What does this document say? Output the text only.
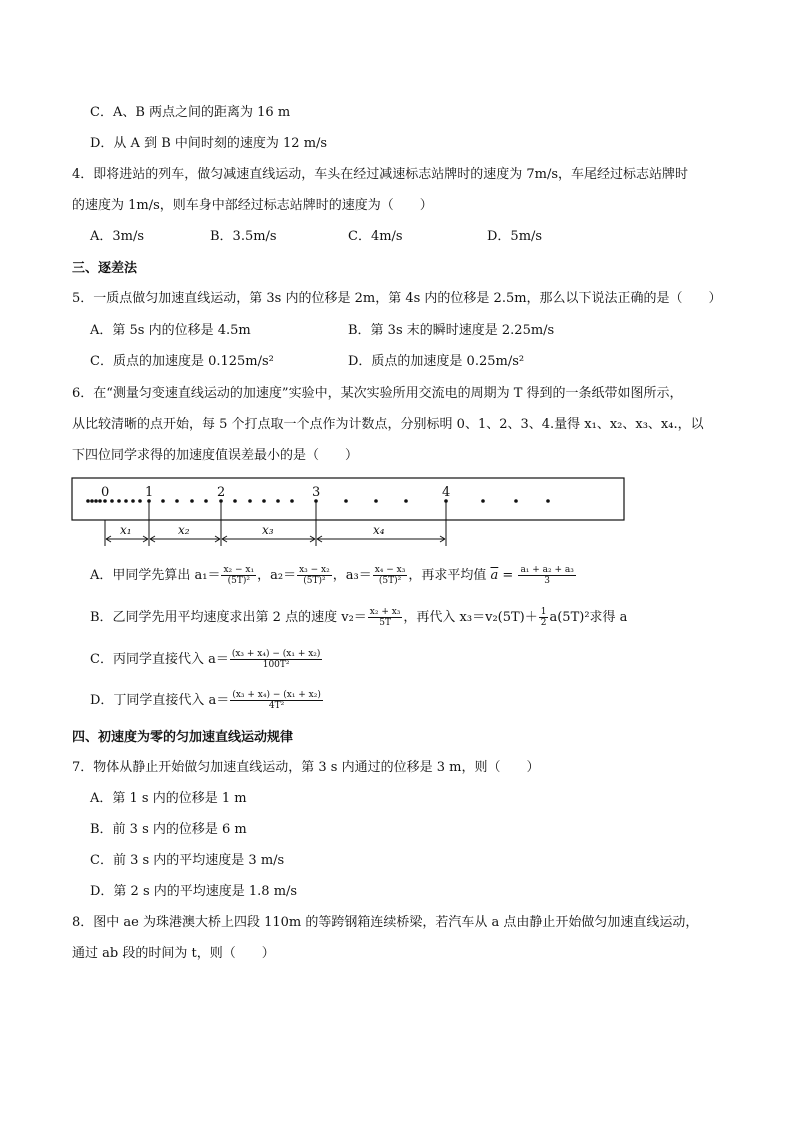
C．A、B 两点之间的距离为 16 m
D．从 A 到 B 中间时刻的速度为 12 m/s
4．即将进站的列车，做匀减速直线运动，车头在经过减速标志站牌时的速度为 7m/s，车尾经过标志站牌时
的速度为 1m/s，则车身中部经过标志站牌时的速度为（　　）
A．3m/s	B．3.5m/s	C．4m/s	D．5m/s
三、逐差法
5．一质点做匀加速直线运动，第 3s 内的位移是 2m，第 4s 内的位移是 2.5m，那么以下说法正确的是（　　）
A．第 5s 内的位移是 4.5m	B．第 3s 末的瞬时速度是 2.25m/s
C．质点的加速度是 0.125m/s²	D．质点的加速度是 0.25m/s²
6．在“测量匀变速直线运动的加速度”实验中，某次实验所用交流电的周期为 T 得到的一条纸带如图所示，
从比较清晰的点开始，每 5 个打点取一个点作为计数点，分别标明 0、1、2、3、4.量得 x₁、x₂、x₃、x₄.，以
下四位同学求得的加速度值误差最小的是（　　）
0	1	2	3	4
x₁	x₂	x₃	x₄
A．甲同学先算出 $a_1= \frac{\text{x₂ − x₁}}{\text{(5T)²}}$ ，$a_2= \frac{\text{x₃ − x₂}}{\text{(5T)²}}$ ，$a_3= \frac{\text{x₄ − x₃}}{\text{(5T)²}}$ ，再求平均值 $\overline{a} = \frac{\text{a₁ + a₂ + a₃}}{3}$
B．乙同学先用平均速度求出第 2 点的速度 $v_2= \frac{\text{x₂ + x₃}}{5T}$ ，再代入 $x_3=v_2(5T)+ \frac{1}{2} a(5T)^2$求得 a
C．丙同学直接代入 $a= \frac{\text{(x₃ + x₄) − (x₁ + x₂)}}{\text{100T²}}$
D．丁同学直接代入 $a= \frac{\text{(x₃ + x₄) − (x₁ + x₂)}}{\text{4T²}}$
四、初速度为零的匀加速直线运动规律
7．物体从静止开始做匀加速直线运动，第 3 s 内通过的位移是 3 m，则（　　）
A．第 1 s 内的位移是 1 m
B．前 3 s 内的位移是 6 m
C．前 3 s 内的平均速度是 3 m/s
D．第 2 s 内的平均速度是 1.8 m/s
8．图中 ae 为珠港澳大桥上四段 110m 的等跨钢箱连续桥梁，若汽车从 a 点由静止开始做匀加速直线运动，
通过 ab 段的时间为 t，则（　　）
